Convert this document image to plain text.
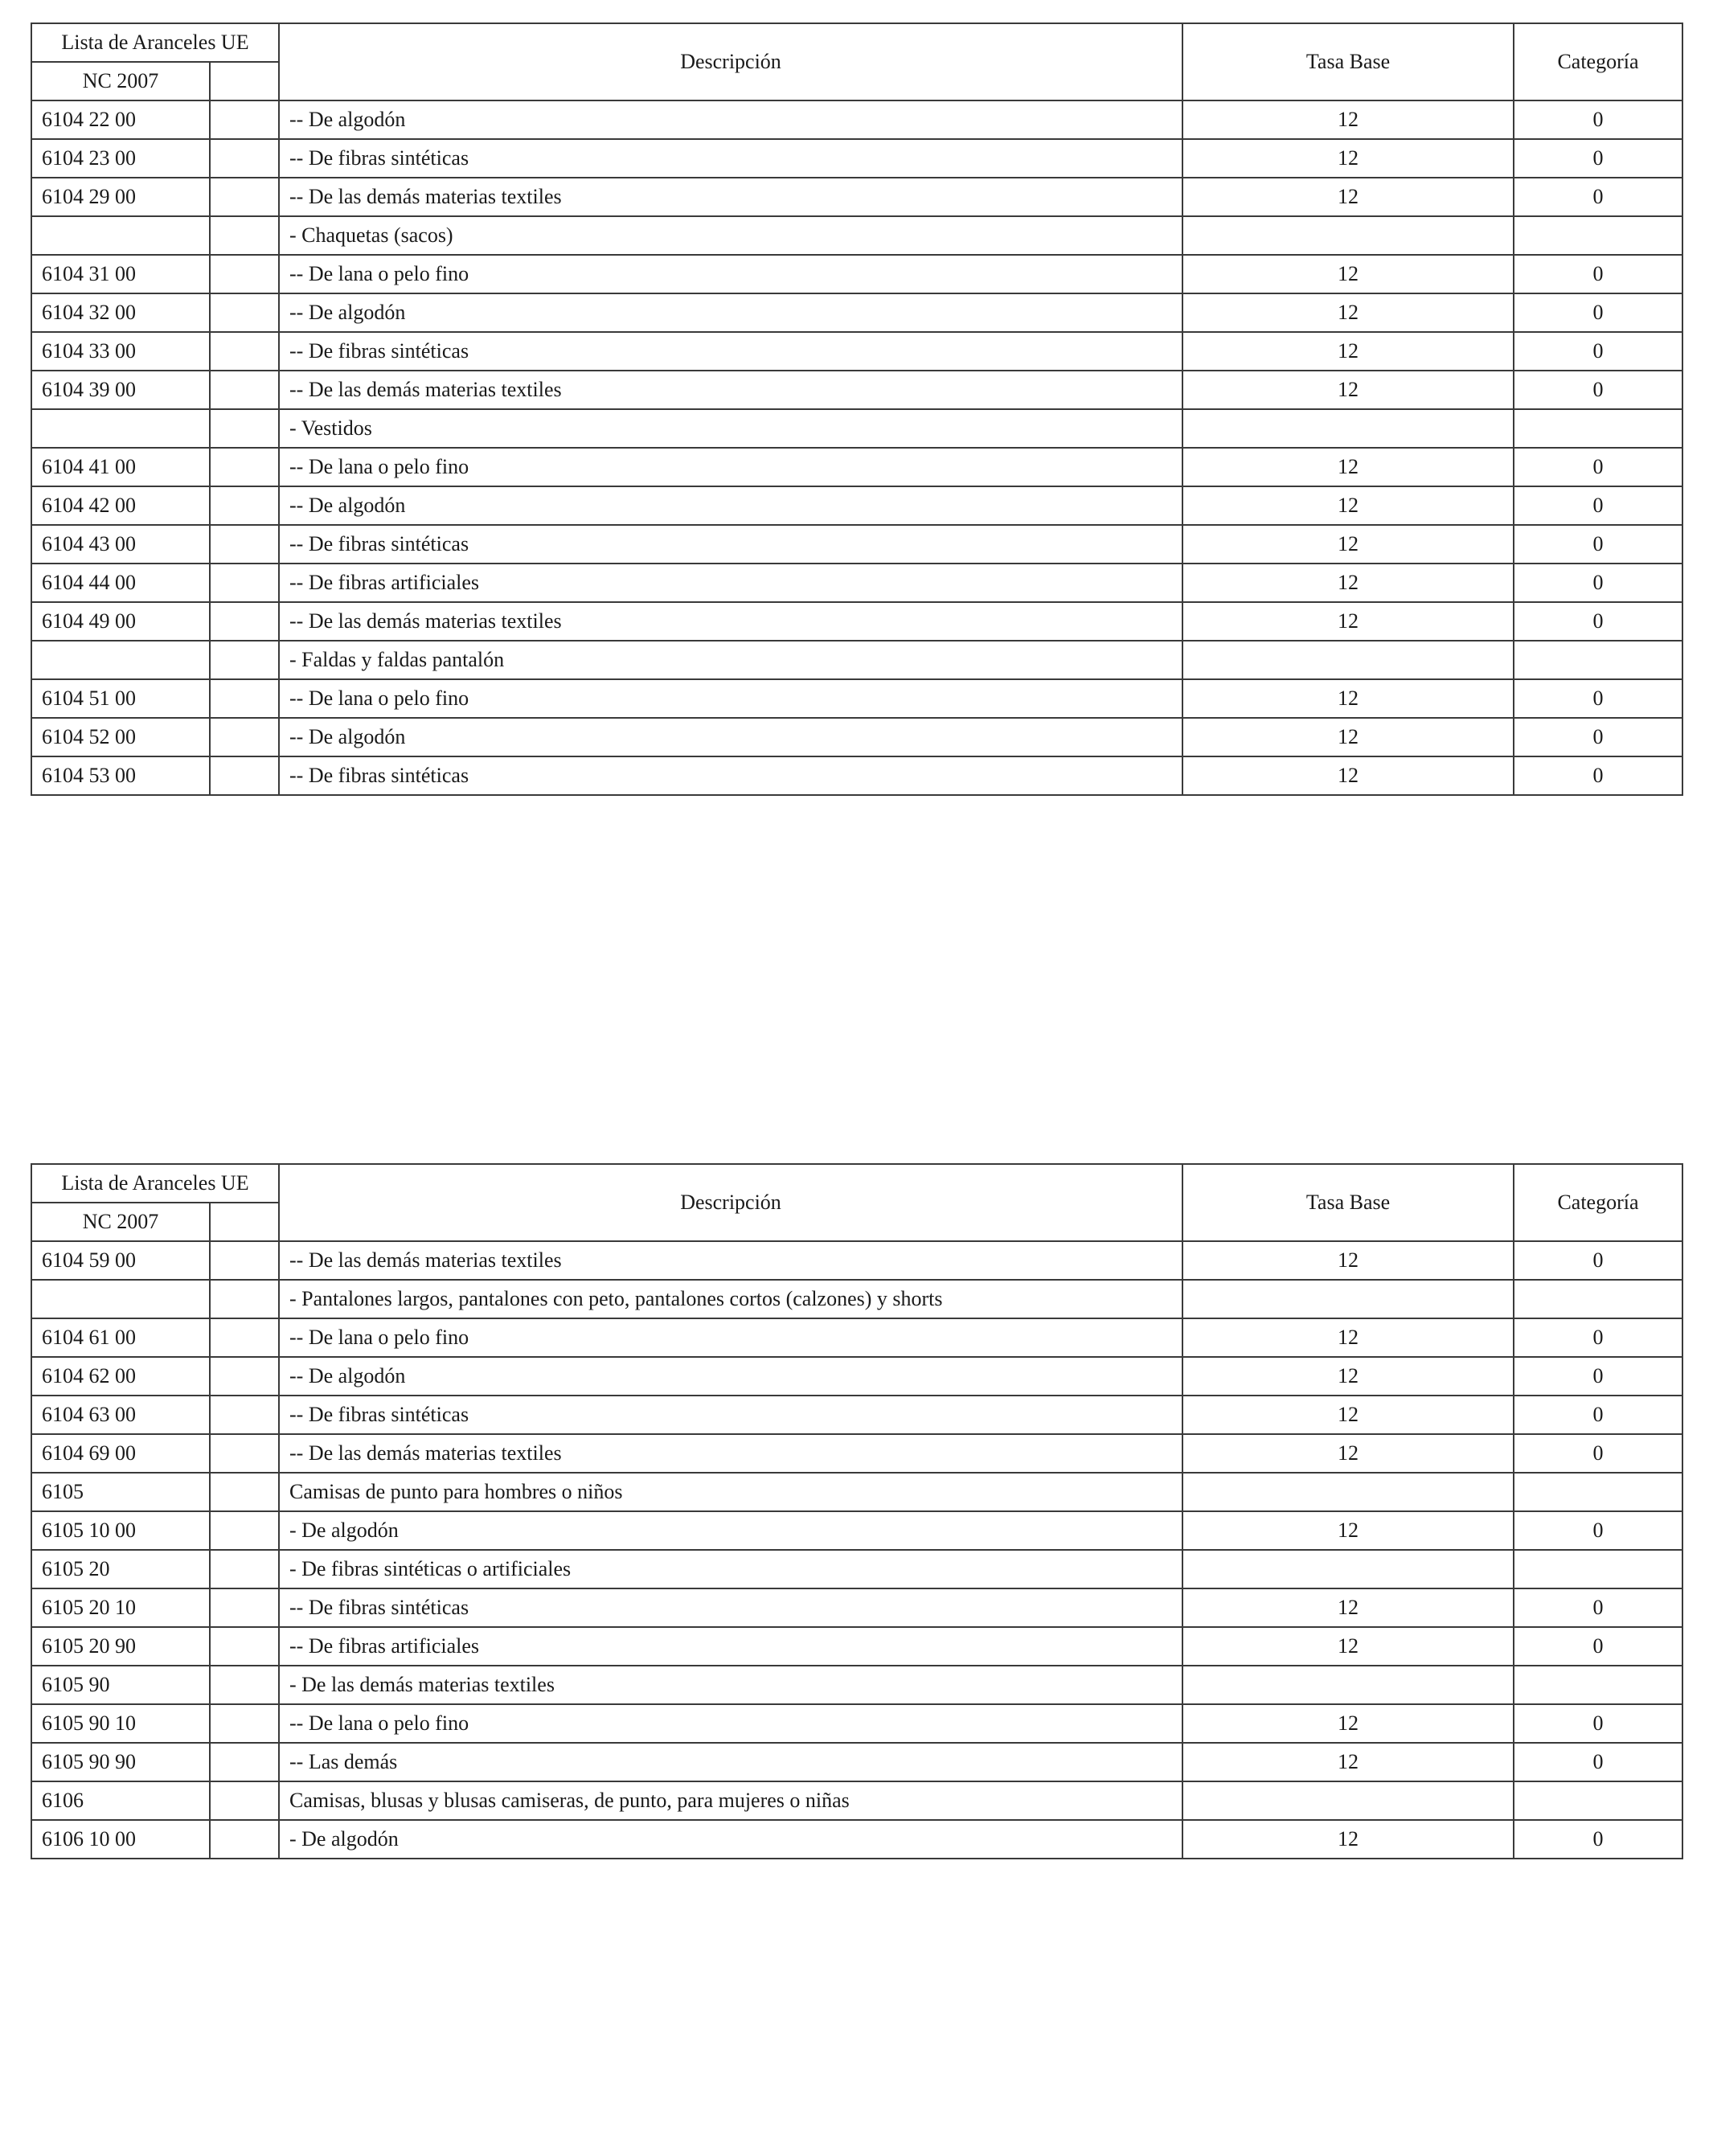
Lista de Aranceles UE		Descripción	Tasa Base	Categoría
NC 2007				
6104 22 00		-- De algodón	12	0
6104 23 00		-- De fibras sintéticas	12	0
6104 29 00		-- De las demás materias textiles	12	0
		- Chaquetas (sacos)		
6104 31 00		-- De lana o pelo fino	12	0
6104 32 00		-- De algodón	12	0
6104 33 00		-- De fibras sintéticas	12	0
6104 39 00		-- De las demás materias textiles	12	0
		- Vestidos		
6104 41 00		-- De lana o pelo fino	12	0
6104 42 00		-- De algodón	12	0
6104 43 00		-- De fibras sintéticas	12	0
6104 44 00		-- De fibras artificiales	12	0
6104 49 00		-- De las demás materias textiles	12	0
		- Faldas y faldas pantalón		
6104 51 00		-- De lana o pelo fino	12	0
6104 52 00		-- De algodón	12	0
6104 53 00		-- De fibras sintéticas	12	0
Lista de Aranceles UE		Descripción	Tasa Base	Categoría
NC 2007				
6104 59 00		-- De las demás materias textiles	12	0
		- Pantalones largos, pantalones con peto, pantalones cortos (calzones) y shorts		
6104 61 00		-- De lana o pelo fino	12	0
6104 62 00		-- De algodón	12	0
6104 63 00		-- De fibras sintéticas	12	0
6104 69 00		-- De las demás materias textiles	12	0
6105		Camisas de punto para hombres o niños		
6105 10 00		- De algodón	12	0
6105 20		- De fibras sintéticas o artificiales		
6105 20 10		-- De fibras sintéticas	12	0
6105 20 90		-- De fibras artificiales	12	0
6105 90		- De las demás materias textiles		
6105 90 10		-- De lana o pelo fino	12	0
6105 90 90		-- Las demás	12	0
6106		Camisas, blusas y blusas camiseras, de punto, para mujeres o niñas		
6106 10 00		- De algodón	12	0
